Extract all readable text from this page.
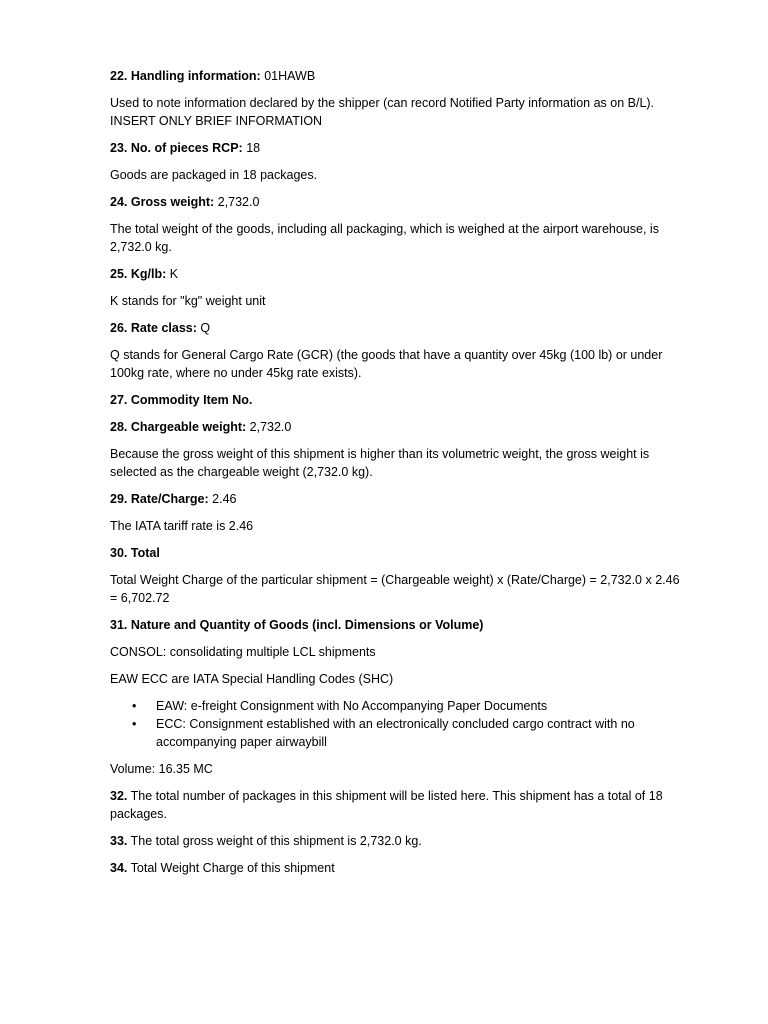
22. Handling information: 01HAWB

Used to note information declared by the shipper (can record Notified Party information as on B/L). INSERT ONLY BRIEF INFORMATION

23. No. of pieces RCP: 18

Goods are packaged in 18 packages.

24. Gross weight: 2,732.0

The total weight of the goods, including all packaging, which is weighed at the airport warehouse, is 2,732.0 kg.

25. Kg/lb: K

K stands for "kg" weight unit

26. Rate class: Q

Q stands for General Cargo Rate (GCR) (the goods that have a quantity over 45kg (100 lb) or under 100kg rate, where no under 45kg rate exists).

27. Commodity Item No.

28. Chargeable weight: 2,732.0

Because the gross weight of this shipment is higher than its volumetric weight, the gross weight is selected as the chargeable weight (2,732.0 kg).

29. Rate/Charge: 2.46

The IATA tariff rate is 2.46

30. Total

Total Weight Charge of the particular shipment = (Chargeable weight) x (Rate/Charge) = 2,732.0 x 2.46 = 6,702.72

31. Nature and Quantity of Goods (incl. Dimensions or Volume)

CONSOL: consolidating multiple LCL shipments

EAW ECC are IATA Special Handling Codes (SHC)

• EAW: e-freight Consignment with No Accompanying Paper Documents
• ECC: Consignment established with an electronically concluded cargo contract with no accompanying paper airwaybill

Volume: 16.35 MC

32. The total number of packages in this shipment will be listed here. This shipment has a total of 18 packages.

33. The total gross weight of this shipment is 2,732.0 kg.

34. Total Weight Charge of this shipment
